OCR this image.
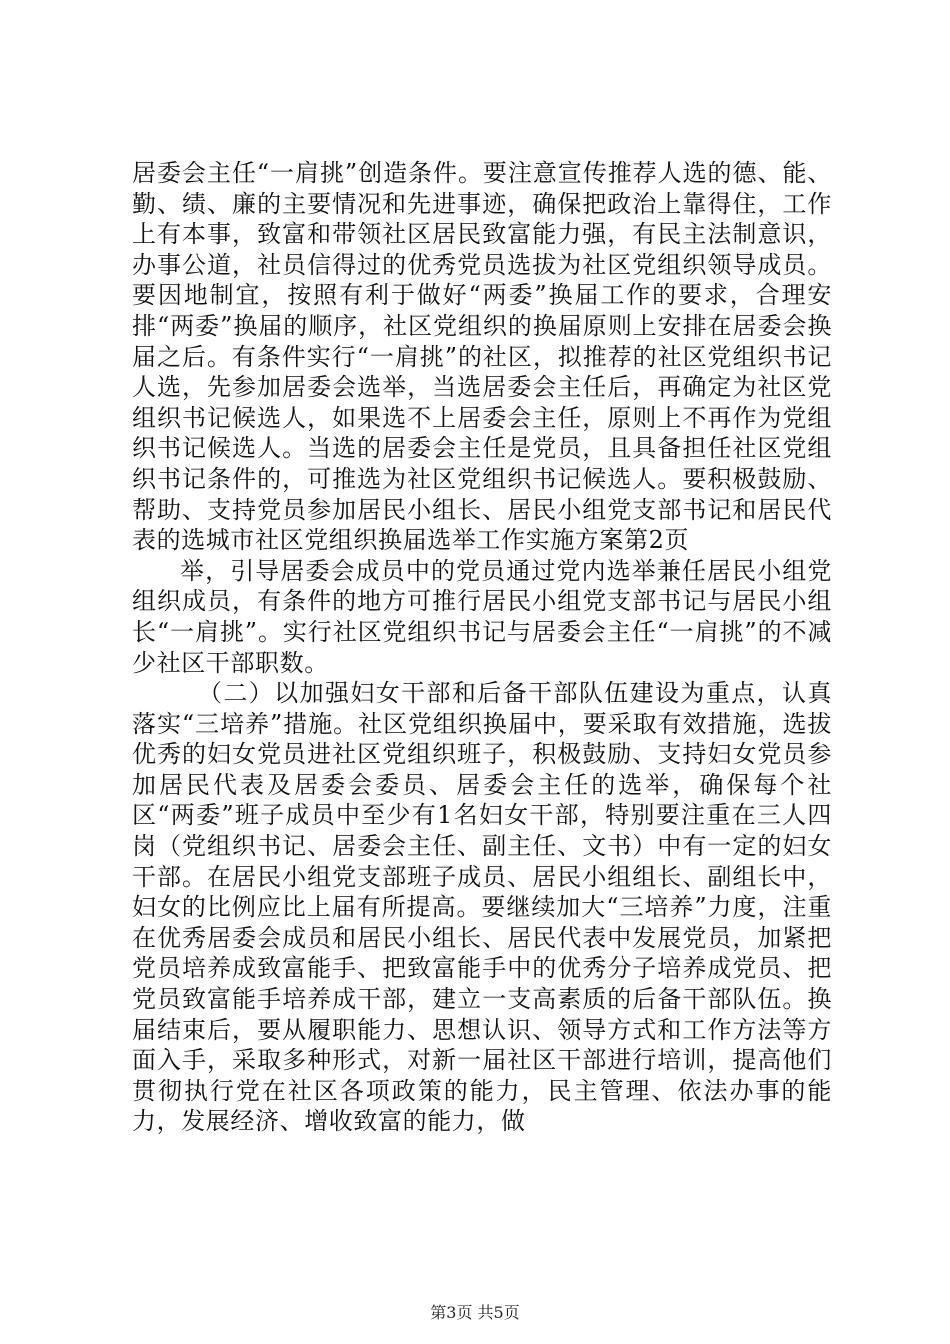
居委会主任“一肩挑”创造条件。要注意宣传推荐人选的德、能、勤、绩、廉的主要情况和先进事迹，确保把政治上靠得住，工作上有本事，致富和带领社区居民致富能力强，有民主法制意识，办事公道，社员信得过的优秀党员选拔为社区党组织领导成员。要因地制宜，按照有利于做好“两委”换届工作的要求，合理安排“两委”换届的顺序，社区党组织的换届原则上安排在居委会换届之后。有条件实行“一肩挑”的社区，拟推荐的社区党组织书记人选，先参加居委会选举，当选居委会主任后，再确定为社区党组织书记候选人，如果选不上居委会主任，原则上不再作为党组织书记候选人。当选的居委会主任是党员，且具备担任社区党组织书记条件的，可推选为社区党组织书记候选人。要积极鼓励、帮助、支持党员参加居民小组长、居民小组党支部书记和居民代表的选城市社区党组织换届选举工作实施方案第2页

举，引导居委会成员中的党员通过党内选举兼任居民小组党组织成员，有条件的地方可推行居民小组党支部书记与居民小组长“一肩挑”。实行社区党组织书记与居委会主任“一肩挑”的不减少社区干部职数。

（二）以加强妇女干部和后备干部队伍建设为重点，认真落实“三培养”措施。社区党组织换届中，要采取有效措施，选拔优秀的妇女党员进社区党组织班子，积极鼓励、支持妇女党员参加居民代表及居委会委员、居委会主任的选举，确保每个社区“两委”班子成员中至少有1名妇女干部，特别要注重在三人四岗（党组织书记、居委会主任、副主任、文书）中有一定的妇女干部。在居民小组党支部班子成员、居民小组组长、副组长中，妇女的比例应比上届有所提高。要继续加大“三培养”力度，注重在优秀居委会成员和居民小组长、居民代表中发展党员，加紧把党员培养成致富能手、把致富能手中的优秀分子培养成党员、把党员致富能手培养成干部，建立一支高素质的后备干部队伍。换届结束后，要从履职能力、思想认识、领导方式和工作方法等方面入手，采取多种形式，对新一届社区干部进行培训，提高他们贯彻执行党在社区各项政策的能力，民主管理、依法办事的能力，发展经济、增收致富的能力，做

第3页 共5页
